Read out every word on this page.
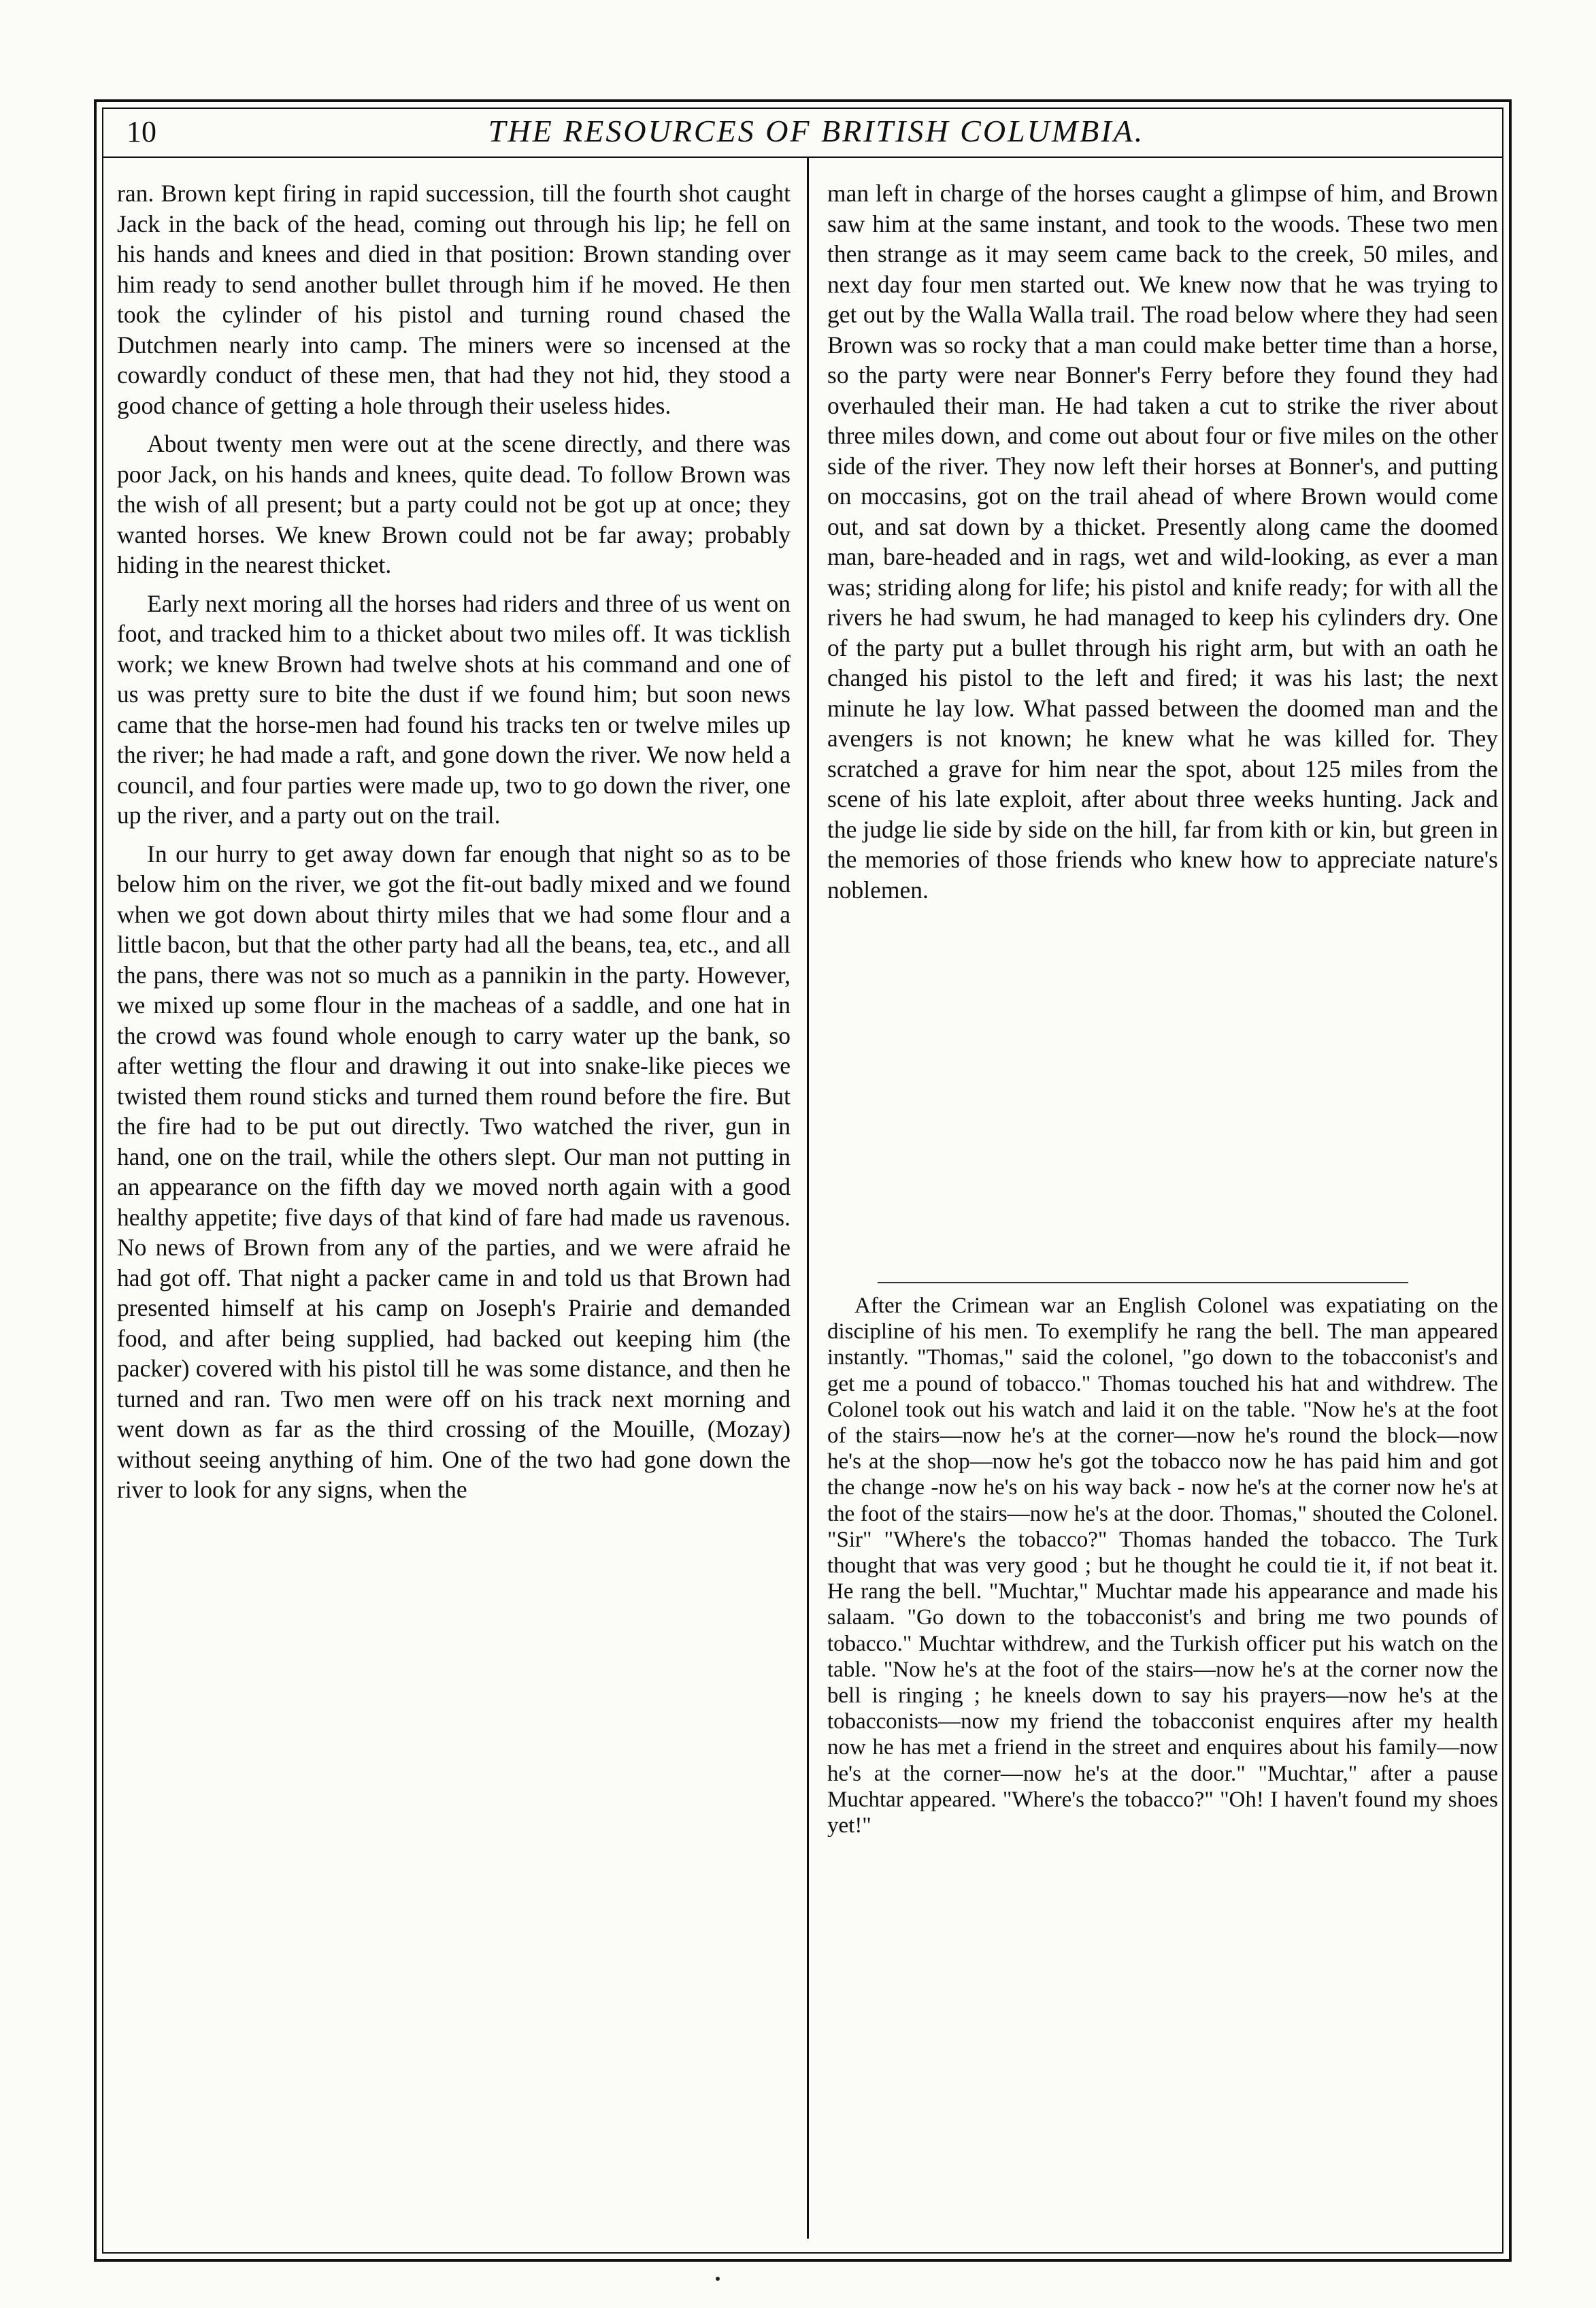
10	THE RESOURCES OF BRITISH COLUMBIA.

ran. Brown kept firing in rapid succession, till the fourth shot caught Jack in the back of the head, coming out through his lip; he fell on his hands and knees and died in that position: Brown standing over him ready to send another bullet through him if he moved. He then took the cylinder of his pistol and turning round chased the Dutchmen nearly into camp. The miners were so incensed at the cowardly conduct of these men, that had they not hid, they stood a good chance of getting a hole through their useless hides.

About twenty men were out at the scene directly, and there was poor Jack, on his hands and knees, quite dead. To follow Brown was the wish of all present; but a party could not be got up at once; they wanted horses. We knew Brown could not be far away; probably hiding in the nearest thicket.

Early next moring all the horses had riders and three of us went on foot, and tracked him to a thicket about two miles off. It was ticklish work; we knew Brown had twelve shots at his command and one of us was pretty sure to bite the dust if we found him; but soon news came that the horse-men had found his tracks ten or twelve miles up the river; he had made a raft, and gone down the river. We now held a council, and four parties were made up, two to go down the river, one up the river, and a party out on the trail.

In our hurry to get away down far enough that night so as to be below him on the river, we got the fit-out badly mixed and we found when we got down about thirty miles that we had some flour and a little bacon, but that the other party had all the beans, tea, etc., and all the pans, there was not so much as a pannikin in the party. However, we mixed up some flour in the macheas of a saddle, and one hat in the crowd was found whole enough to carry water up the bank, so after wetting the flour and drawing it out into snake-like pieces we twisted them round sticks and turned them round before the fire. But the fire had to be put out directly. Two watched the river, gun in hand, one on the trail, while the others slept. Our man not putting in an appearance on the fifth day we moved north again with a good healthy appetite; five days of that kind of fare had made us ravenous. No news of Brown from any of the parties, and we were afraid he had got off. That night a packer came in and told us that Brown had presented himself at his camp on Joseph's Prairie and demanded food, and after being supplied, had backed out keeping him (the packer) covered with his pistol till he was some distance, and then he turned and ran. Two men were off on his track next morning and went down as far as the third crossing of the Mouille, (Mozay) without seeing anything of him. One of the two had gone down the river to look for any signs, when the

man left in charge of the horses caught a glimpse of him, and Brown saw him at the same instant, and took to the woods. These two men then strange as it may seem came back to the creek, 50 miles, and next day four men started out. We knew now that he was trying to get out by the Walla Walla trail. The road below where they had seen Brown was so rocky that a man could make better time than a horse, so the party were near Bonner's Ferry before they found they had overhauled their man. He had taken a cut to strike the river about three miles down, and come out about four or five miles on the other side of the river. They now left their horses at Bonner's, and putting on moccasins, got on the trail ahead of where Brown would come out, and sat down by a thicket. Presently along came the doomed man, bare-headed and in rags, wet and wild-looking, as ever a man was; striding along for life; his pistol and knife ready; for with all the rivers he had swum, he had managed to keep his cylinders dry. One of the party put a bullet through his right arm, but with an oath he changed his pistol to the left and fired; it was his last; the next minute he lay low. What passed between the doomed man and the avengers is not known; he knew what he was killed for. They scratched a grave for him near the spot, about 125 miles from the scene of his late exploit, after about three weeks hunting. Jack and the judge lie side by side on the hill, far from kith or kin, but green in the memories of those friends who knew how to appreciate nature's noblemen.

After the Crimean war an English Colonel was expatiating on the discipline of his men. To exemplify he rang the bell. The man appeared instantly. "Thomas," said the colonel, "go down to the tobacconist's and get me a pound of tobacco." Thomas touched his hat and withdrew. The Colonel took out his watch and laid it on the table. "Now he's at the foot of the stairs—now he's at the corner—now he's round the block—now he's at the shop—now he's got the tobacco now he has paid him and got the change -now he's on his way back - now he's at the corner now he's at the foot of the stairs—now he's at the door. Thomas," shouted the Colonel. "Sir" "Where's the tobacco?" Thomas handed the tobacco. The Turk thought that was very good ; but he thought he could tie it, if not beat it. He rang the bell. "Muchtar," Muchtar made his appearance and made his salaam. "Go down to the tobacconist's and bring me two pounds of tobacco." Muchtar withdrew, and the Turkish officer put his watch on the table. "Now he's at the foot of the stairs—now he's at the corner now the bell is ringing ; he kneels down to say his prayers—now he's at the tobacconists—now my friend the tobacconist enquires after my health now he has met a friend in the street and enquires about his family—now he's at the corner—now he's at the door." "Muchtar," after a pause Muchtar appeared. "Where's the tobacco?" "Oh! I haven't found my shoes yet!"
